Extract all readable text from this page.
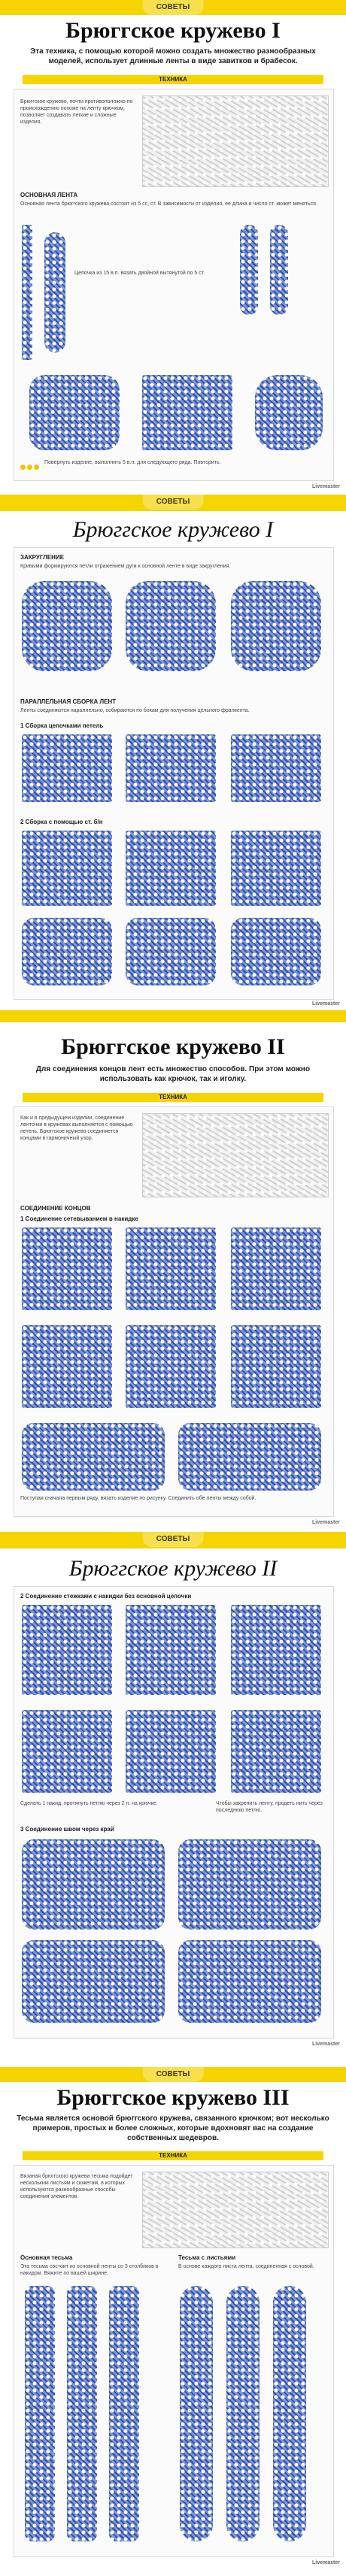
СОВЕТЫ
Брюггское кружево I
Эта техника, с помощью которой можно создать множество разнообразных моделей, использует длинные ленты в виде завитков и брабесок.
ТЕХНИКА
Брюггское кружево, почти противоположно по происхождению похоже на ленту крючком, позволяет создавать легкие и сложные изделия.
ОСНОВНАЯ ЛЕНТА
Основная лента брюггского кружева состоит из 5 сс, ст. В зависимости от изделия, ее длина и число ст. может меняться.
Цепочка из 15 в.п. вязать двойной вытянутой по 5 ст.
Повернуть изделие, выполнить 5 в.п. для следующего ряда. Повторить.
Livemaster
СОВЕТЫ
Брюггское кружево I
ЗАКРУГЛЕНИЕ
Кривыми формируются петли отражением дуги к основной ленте в виде закругления.
ПАРАЛЛЕЛЬНАЯ СБОРКА ЛЕНТ
Ленты соединяются параллельно, собираются по бокам для получения цельного фрагмента.
1 Сборка цепочками петель
2 Сборка с помощью ст. б/н
Livemaster
Брюггское кружево II
Для соединения концов лент есть множество способов. При этом можно использовать как крючок, так и иголку.
ТЕХНИКА
Как и в предыдущем изделии, соединение ленточки в кружевах выполняется с помощью петель. Брюггское кружево соединяется концами в гармоничный узор.
СОЕДИНЕНИЕ КОНЦОВ
1 Соединение сетевыванием в накидке
Поступая сначала первым ряду, вязать изделие по рисунку. Соединить обе ленты между собой.
Livemaster
СОВЕТЫ
Брюггское кружево II
2 Соединение стежками с накидки без основной цепочки
Сделать 1 накид, протянуть петлю через 2 п. на крючке.	Чтобы закрепить ленту, продеть нить через последнюю петлю.
3 Соединение швом через край
Livemaster
СОВЕТЫ
Брюггское кружево III
Тесьма является основой брюггского кружева, связанного крючком; вот несколько примеров, простых и более сложных, которые вдохновят вас на создание собственных шедевров.
ТЕХНИКА
Вязаная брюггского кружева тесьма подойдет нескольким листьям и сюжетам, в которых используются разнообразные способы соединения элементов.
Основная тесьма	Тесьма с листьями
Эта тесьма состоит из основной ленты со 3 столбиков в накидом. Вяжите по вашей ширине.
В основе каждого листа лента, соединенная с основой.
Livemaster
